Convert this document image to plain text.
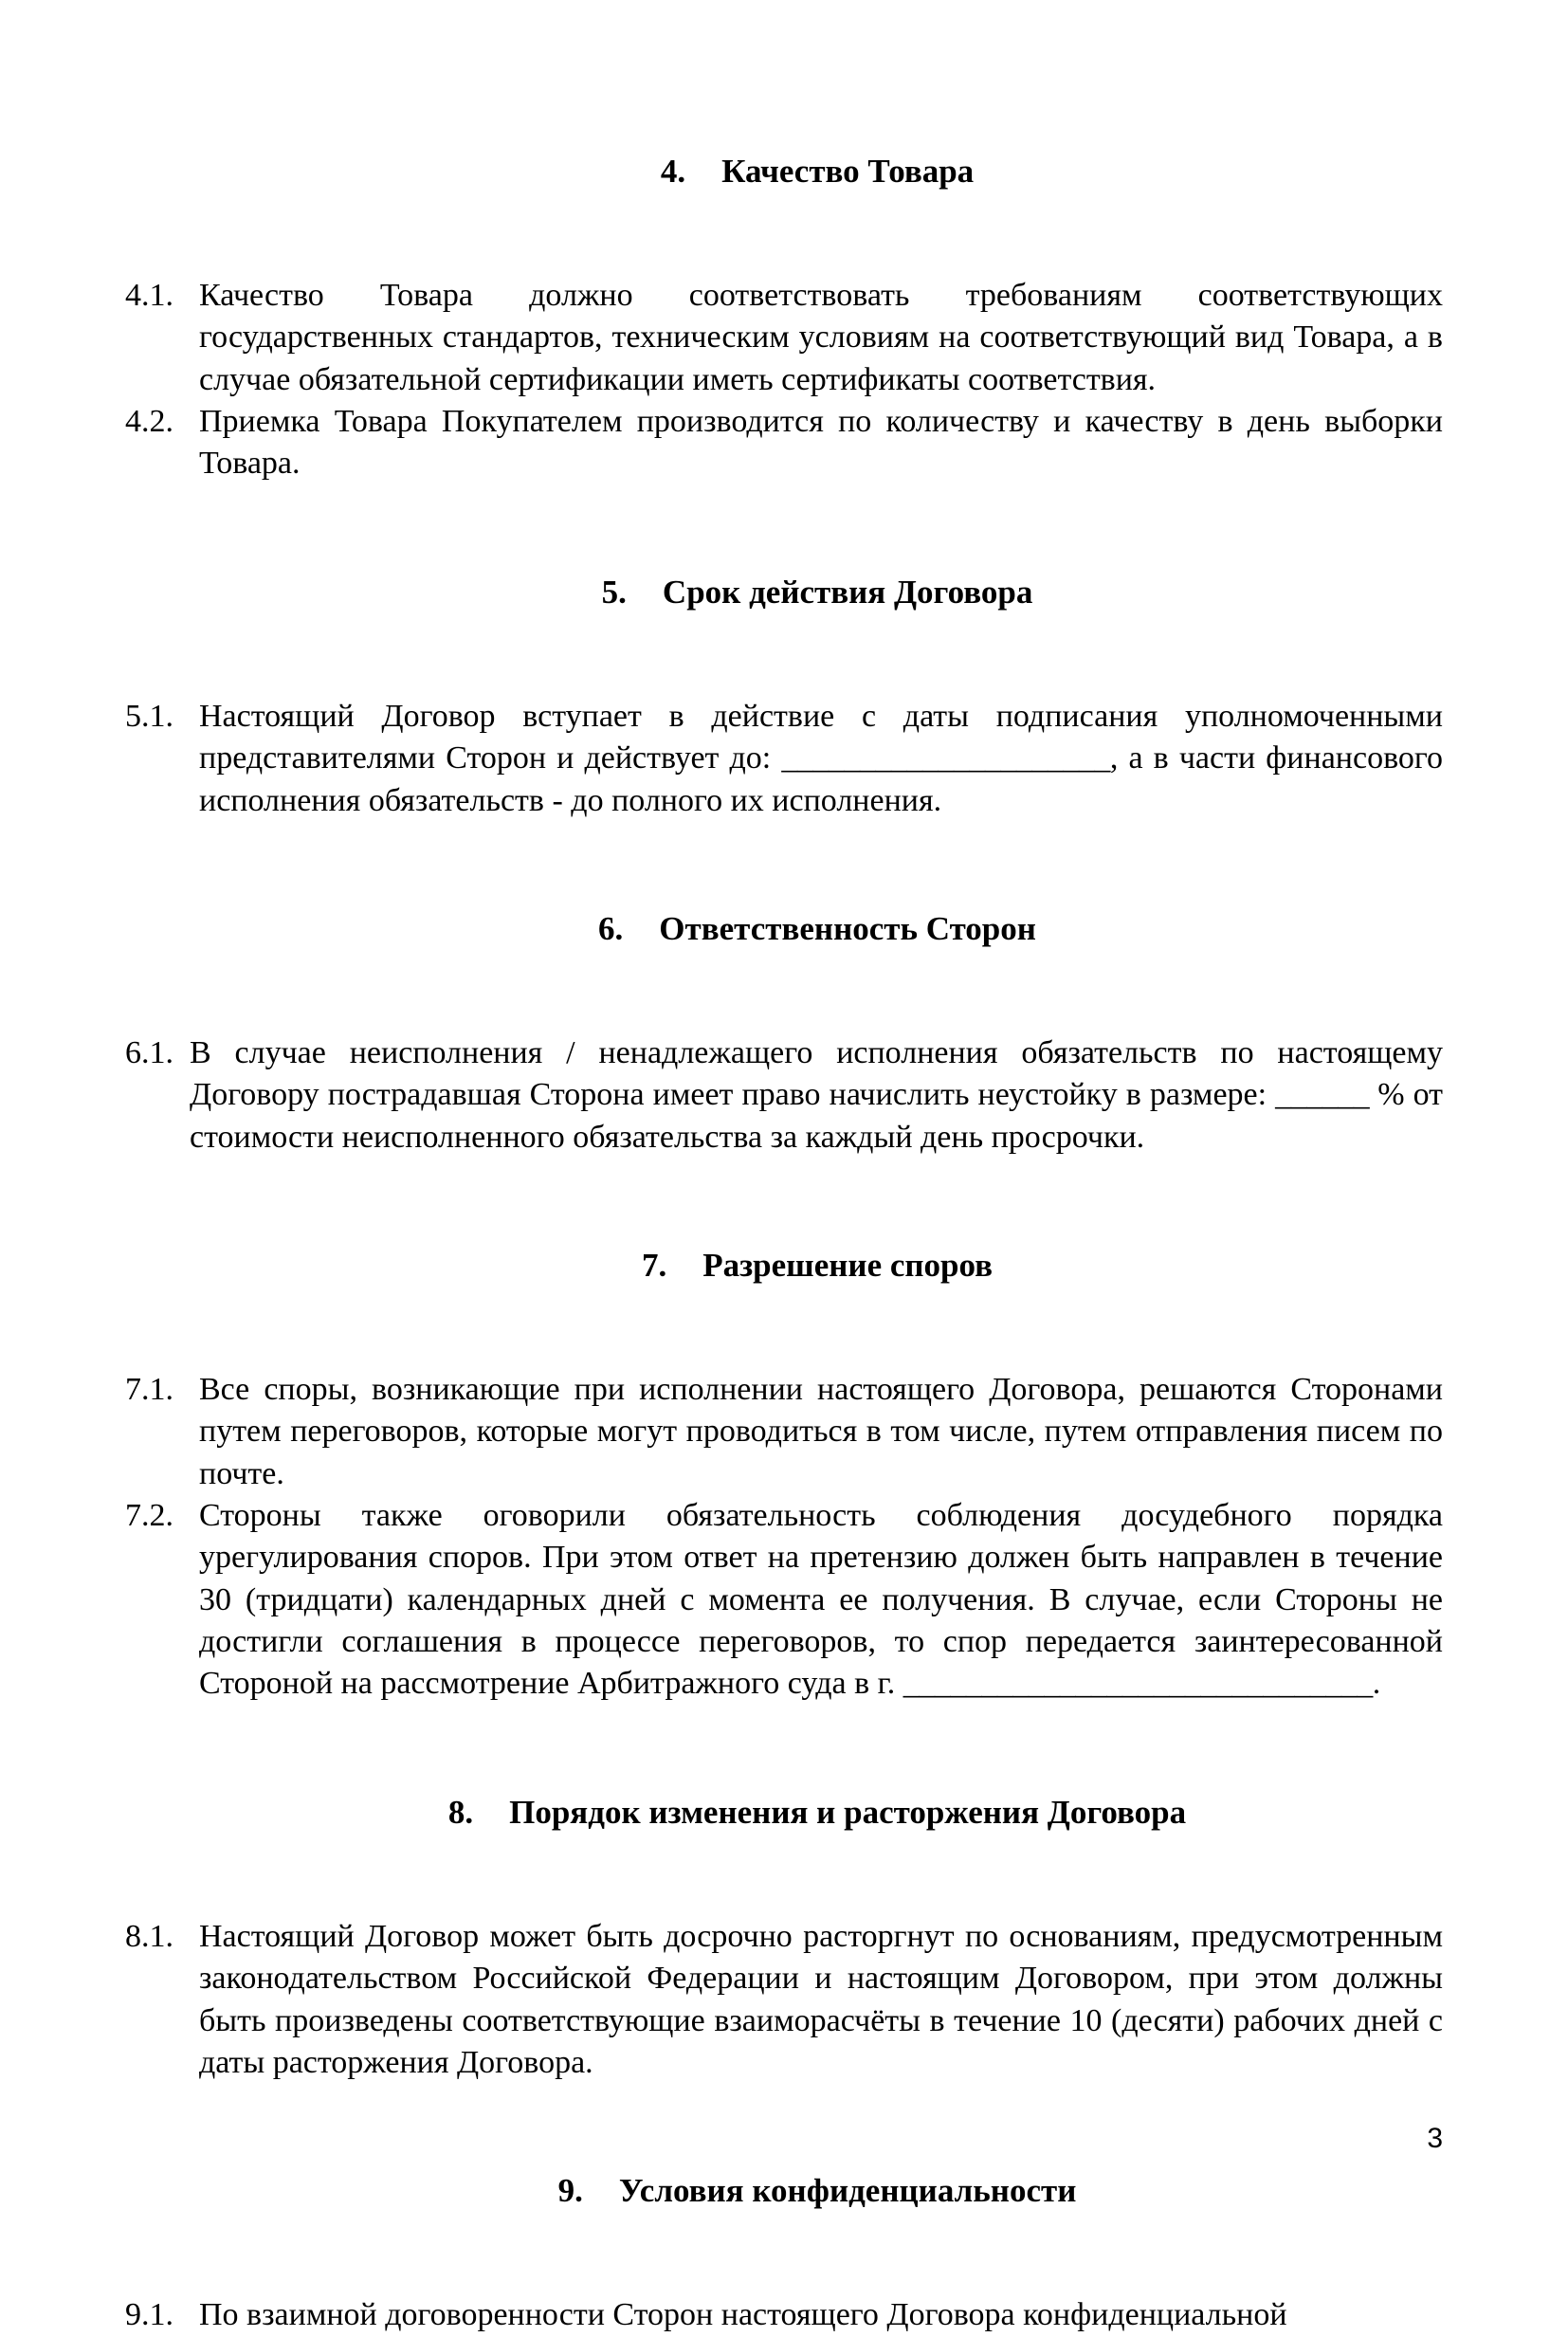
4. Качество Товара

4.1. Качество Товара должно соответствовать требованиям соответствующих государственных стандартов, техническим условиям на соответствующий вид Товара, а в случае обязательной сертификации иметь сертификаты соответствия.
4.2. Приемка Товара Покупателем производится по количеству и качеству в день выборки Товара.

5. Срок действия Договора

5.1. Настоящий Договор вступает в действие с даты подписания уполномоченными представителями Сторон и действует до: _____________________, а в части финансового исполнения обязательств - до полного их исполнения.

6. Ответственность Сторон

6.1. В случае неисполнения / ненадлежащего исполнения обязательств по настоящему Договору пострадавшая Сторона имеет право начислить неустойку в размере: ______ % от стоимости неисполненного обязательства за каждый день просрочки.

7. Разрешение споров

7.1. Все споры, возникающие при исполнении настоящего Договора, решаются Сторонами путем переговоров, которые могут проводиться в том числе, путем отправления писем по почте.
7.2. Стороны также оговорили обязательность соблюдения досудебного порядка урегулирования споров. При этом ответ на претензию должен быть направлен в течение 30 (тридцати) календарных дней с момента ее получения. В случае, если Стороны не достигли соглашения в процессе переговоров, то спор передается заинтересованной Стороной на рассмотрение Арбитражного суда в г. ______________________________.

8. Порядок изменения и расторжения Договора

8.1. Настоящий Договор может быть досрочно расторгнут по основаниям, предусмотренным законодательством Российской Федерации и настоящим Договором, при этом должны быть произведены соответствующие взаиморасчёты в течение 10 (десяти) рабочих дней с даты расторжения Договора.

9. Условия конфиденциальности

9.1. По взаимной договоренности Сторон настоящего Договора конфиденциальной
3
